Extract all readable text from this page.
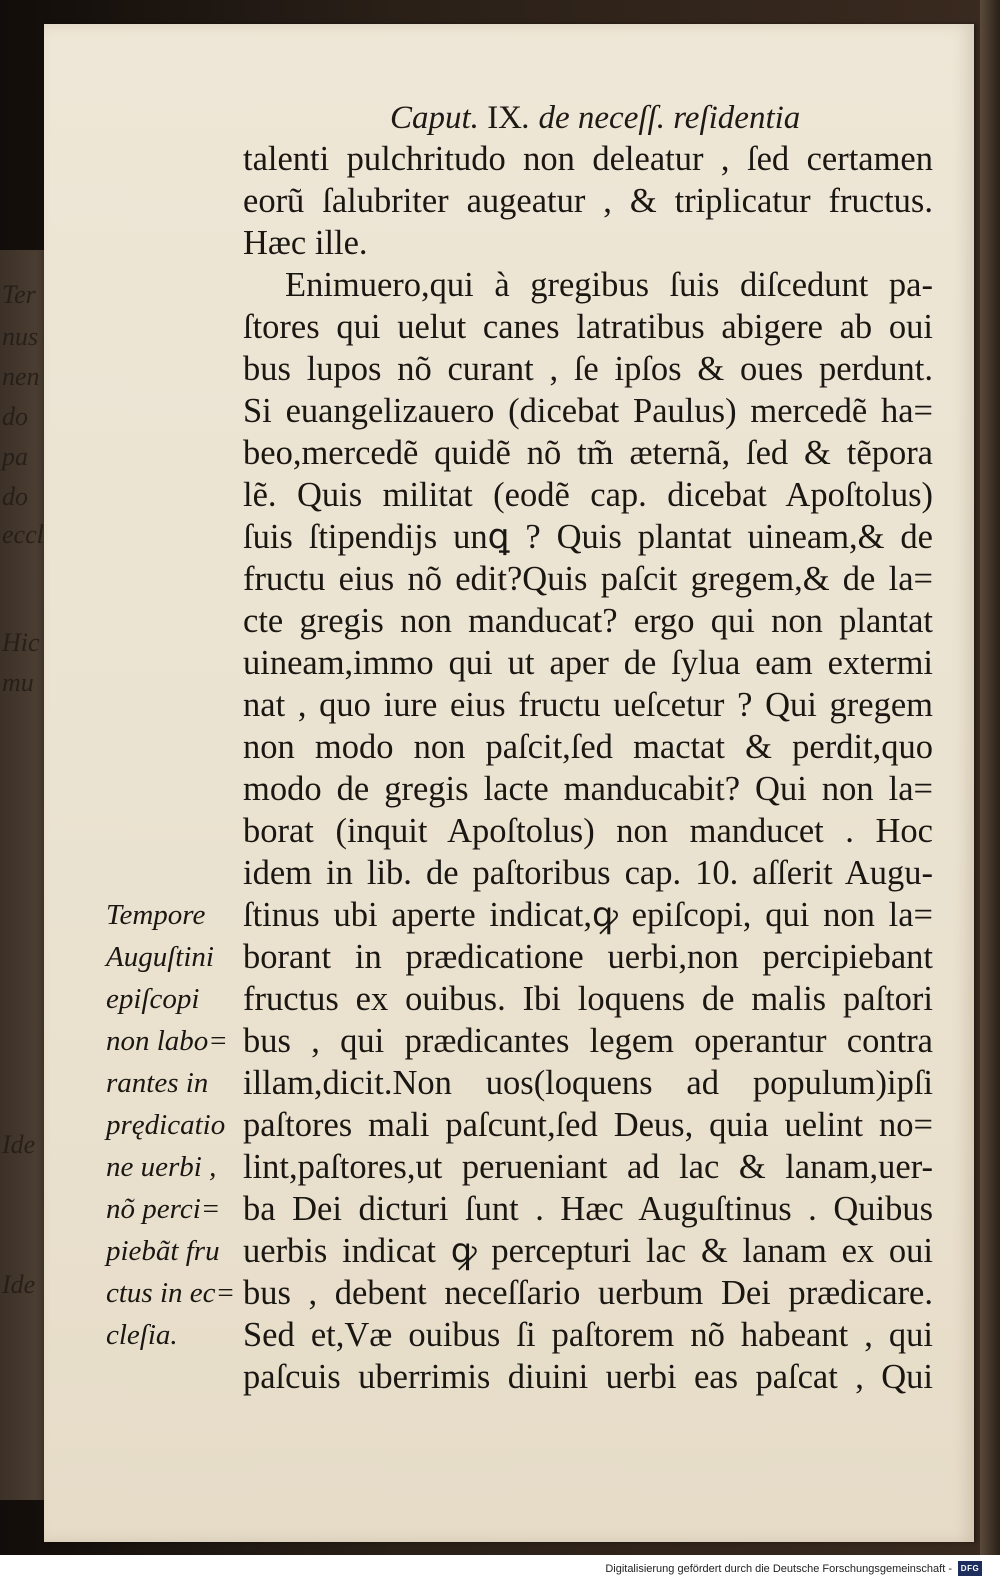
Ter
nus
nen
do
pa
do
eccl
Hic
mu
Ide
Ide
Caput. IX. de neceſſ. reſidentia
talenti pulchritudo non deleatur , ſed certamen
eorũ ſalubriter augeatur , & triplicatur fructus.
Hæc ille.
Enimuero,qui à gregibus ſuis diſcedunt pa-
ſtores qui uelut canes latratibus abigere ab oui
bus lupos nõ curant , ſe ipſos & oues perdunt.
Si euangelizauero (dicebat Paulus) mercedẽ ha=
beo,mercedẽ quidẽ nõ tm̃ æternã, ſed & tẽpora
lẽ. Quis militat (eodẽ cap. dicebat Apoſtolus)
ſuis ſtipendijs unꝗ ? Quis plantat uineam,& de
fructu eius nõ edit?Quis paſcit gregem,& de la=
cte gregis non manducat? ergo qui non plantat
uineam,immo qui ut aper de ſylua eam extermi
nat , quo iure eius fructu ueſcetur ? Qui gregem
non modo non paſcit,ſed mactat & perdit,quo
modo de gregis lacte manducabit? Qui non la=
borat (inquit Apoſtolus) non manducet . Hoc
idem in lib. de paſtoribus cap. 10. aſſerit Augu-
ſtinus ubi aperte indicat,ꝙ epiſcopi, qui non la=
borant in prædicatione uerbi,non percipiebant
fructus ex ouibus. Ibi loquens de malis paſtori
bus , qui prædicantes legem operantur contra
illam,dicit.Non uos(loquens ad populum)ipſi
paſtores mali paſcunt,ſed Deus, quia uelint no=
lint,paſtores,ut perueniant ad lac & lanam,uer-
ba Dei dicturi ſunt . Hæc Auguſtinus . Quibus
uerbis indicat ꝙ percepturi lac & lanam ex oui
bus , debent neceſſario uerbum Dei prædicare.
Sed et,Væ ouibus ſi paſtorem nõ habeant , qui
paſcuis uberrimis diuini uerbi eas paſcat , Qui
Tempore
Auguſtini
epiſcopi
non labo=
rantes in
prędicatio
ne uerbi ,
nõ perci=
piebãt fru
ctus in ec=
cleſia.
Digitalisierung gefördert durch die Deutsche Forschungsgemeinschaft -	DFG
